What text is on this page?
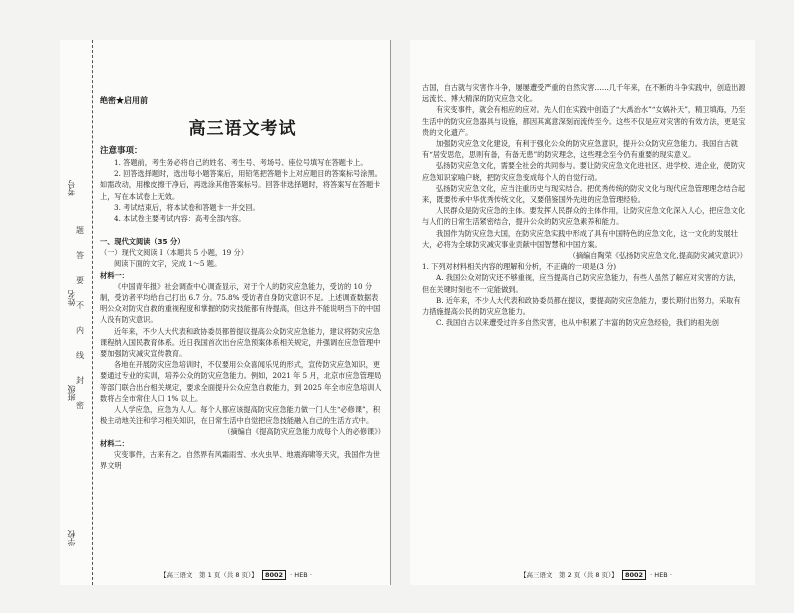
绝密★启用前
高三语文考试
注意事项：

1. 答题前，考生务必将自己的姓名、考生号、考场号、座位号填写在答题卡上。

2. 回答选择题时，选出每小题答案后，用铅笔把答题卡上对应题目的答案标号涂黑。如需改动，用橡皮擦干净后，再选涂其他答案标号。回答非选择题时，将答案写在答题卡上，写在本试卷上无效。

3. 考试结束后，将本试卷和答题卡一并交回。

4. 本试卷主要考试内容：高考全部内容。

一、现代文阅读（35 分）

（一）现代文阅读 I（本题共 5 小题，19 分）

阅读下面的文字，完成 1～5 题。

材料一：

《中国青年报》社会调查中心调查显示，对于个人的防灾应急能力，受访的 10 分制，受访者平均给自己打出 6.7 分。75.8% 受访者自身防灾意识不足。上述调查数据表明公众对防灾自救的重视程度和掌握的防灾技能都有待提高，但这并不能说明当下的中国人没有防灾意识。

近年来，不少人大代表和政协委员都曾提议提高公众防灾应急能力，建议将防灾应急课程纳入国民教育体系。近日我国首次出台应急预案体系相关规定，并强调在应急管理中要加强防灾减灾宣传教育。

各地在开展防灾应急培训时，不仅要用公众喜闻乐见的形式，宣传防灾应急知识，更要通过专业的实训，培养公众的防灾应急能力。例如，2021 年 5 月，北京市应急管理局等部门联合出台相关规定，要求全面提升公众应急自救能力，到 2025 年全市应急培训人数将占全市常住人口 1% 以上。

人人学应急，应急为人人。每个人都应该提高防灾应急能力做一门人生“必修课”，积极主动地关注和学习相关知识，在日常生活中自觉把应急技能融入自己的生活方式中。

（摘编自《提高防灾应急能力成每个人的必修课》）

材料二：

灾变事件，古来有之。自然界有风霜雨雪、水火虫旱、地震海啸等天灾，我国作为世界文明

【高三语文　第 1 页（共 8 页）】 8002 · HEB ·
考号
姓名
班级
学校
题
答
要
不
内
线
封
密

古国，自古就与灾害作斗争，屡屡遭受严重的自然灾害……几千年来，在不断的斗争实践中，创造出源远流长、博大精深的防灾应急文化。

有灾变事件，就会有相应的应对。先人们在实践中创造了“大禹治水”“女娲补天”，精卫填海，乃至生活中的防灾应急器具与设施，都因其寓意深刻而流传至今。这些不仅是应对灾害的有效方法，更是宝贵的文化遗产。

加强防灾应急文化建设，有利于强化公众的防灾应急意识，提升公众防灾应急能力。我国自古就有“居安思危，思则有备，有备无患”的防灾理念，这些理念至今仍有重要的现实意义。

弘扬防灾应急文化，需要全社会的共同参与。要让防灾应急文化进社区、进学校、进企业，使防灾应急知识家喻户晓，把防灾应急变成每个人的自觉行动。

弘扬防灾应急文化，应当注重历史与现实结合。把优秀传统的防灾文化与现代应急管理理念结合起来，既要传承中华优秀传统文化，又要借鉴国外先进的应急管理经验。

人民群众是防灾应急的主体。要发挥人民群众的主体作用，让防灾应急文化深入人心，把应急文化与人们的日常生活紧密结合，提升公众的防灾应急素养和能力。

我国作为防灾应急大国，在防灾应急实践中形成了具有中国特色的应急文化，这一文化的发展壮大，必将为全球防灾减灾事业贡献中国智慧和中国方案。

（摘编自陶荣《弘扬防灾应急文化,提高防灾减灾意识》）

1. 下列对材料相关内容的理解和分析，不正确的一项是(3 分)

A. 我国公众对防灾还不够重视，应当提高自己防灾应急能力，有些人虽然了解应对灾害的方法，但在关键时刻也不一定能做到。

B. 近年来，不少人大代表和政协委员都在提议，要提高防灾应急能力，要长期付出努力，采取有力措施提高公民的防灾应急能力。

C. 我国自古以来遭受过许多自然灾害，也从中积累了丰富的防灾应急经验，我们的祖先创

【高三语文　第 2 页（共 8 页）】 8002 · HEB ·
